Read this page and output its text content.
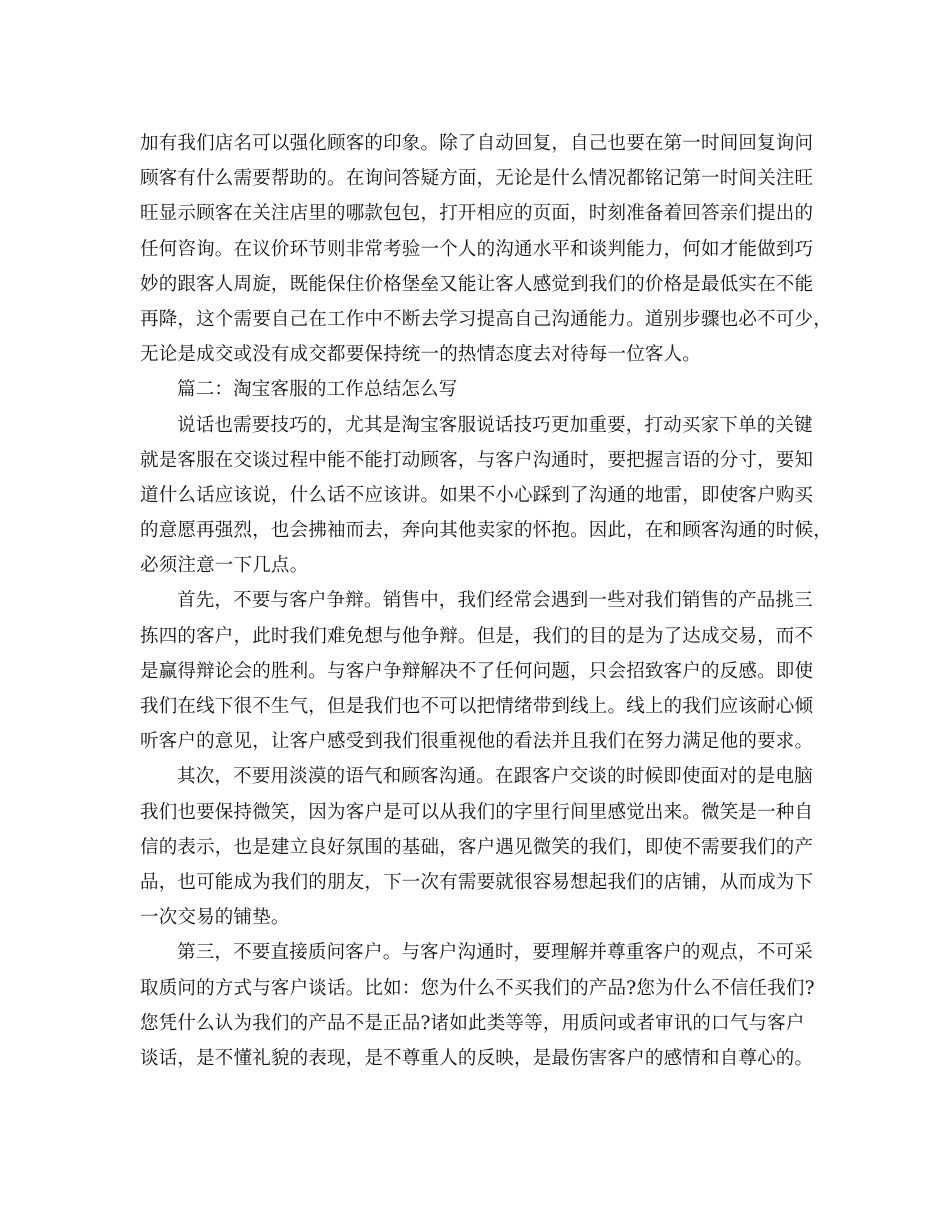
加有我们店名可以强化顾客的印象。除了自动回复，自己也要在第一时间回复询问
顾客有什么需要帮助的。在询问答疑方面，无论是什么情况都铭记第一时间关注旺
旺显示顾客在关注店里的哪款包包，打开相应的页面，时刻准备着回答亲们提出的
任何咨询。在议价环节则非常考验一个人的沟通水平和谈判能力，何如才能做到巧
妙的跟客人周旋，既能保住价格堡垒又能让客人感觉到我们的价格是最低实在不能
再降，这个需要自己在工作中不断去学习提高自己沟通能力。道别步骤也必不可少，
无论是成交或没有成交都要保持统一的热情态度去对待每一位客人。
篇二：淘宝客服的工作总结怎么写
说话也需要技巧的，尤其是淘宝客服说话技巧更加重要，打动买家下单的关键
就是客服在交谈过程中能不能打动顾客，与客户沟通时，要把握言语的分寸，要知
道什么话应该说，什么话不应该讲。如果不小心踩到了沟通的地雷，即使客户购买
的意愿再强烈，也会拂袖而去，奔向其他卖家的怀抱。因此，在和顾客沟通的时候，
必须注意一下几点。
首先，不要与客户争辩。销售中，我们经常会遇到一些对我们销售的产品挑三
拣四的客户，此时我们难免想与他争辩。但是，我们的目的是为了达成交易，而不
是赢得辩论会的胜利。与客户争辩解决不了任何问题，只会招致客户的反感。即使
我们在线下很不生气，但是我们也不可以把情绪带到线上。线上的我们应该耐心倾
听客户的意见，让客户感受到我们很重视他的看法并且我们在努力满足他的要求。
其次，不要用淡漠的语气和顾客沟通。在跟客户交谈的时候即使面对的是电脑
我们也要保持微笑，因为客户是可以从我们的字里行间里感觉出来。微笑是一种自
信的表示，也是建立良好氛围的基础，客户遇见微笑的我们，即使不需要我们的产
品，也可能成为我们的朋友，下一次有需要就很容易想起我们的店铺，从而成为下
一次交易的铺垫。
第三，不要直接质问客户。与客户沟通时，要理解并尊重客户的观点，不可采
取质问的方式与客户谈话。比如：您为什么不买我们的产品?您为什么不信任我们?
您凭什么认为我们的产品不是正品?诸如此类等等，用质问或者审讯的口气与客户
谈话，是不懂礼貌的表现，是不尊重人的反映，是最伤害客户的感情和自尊心的。
